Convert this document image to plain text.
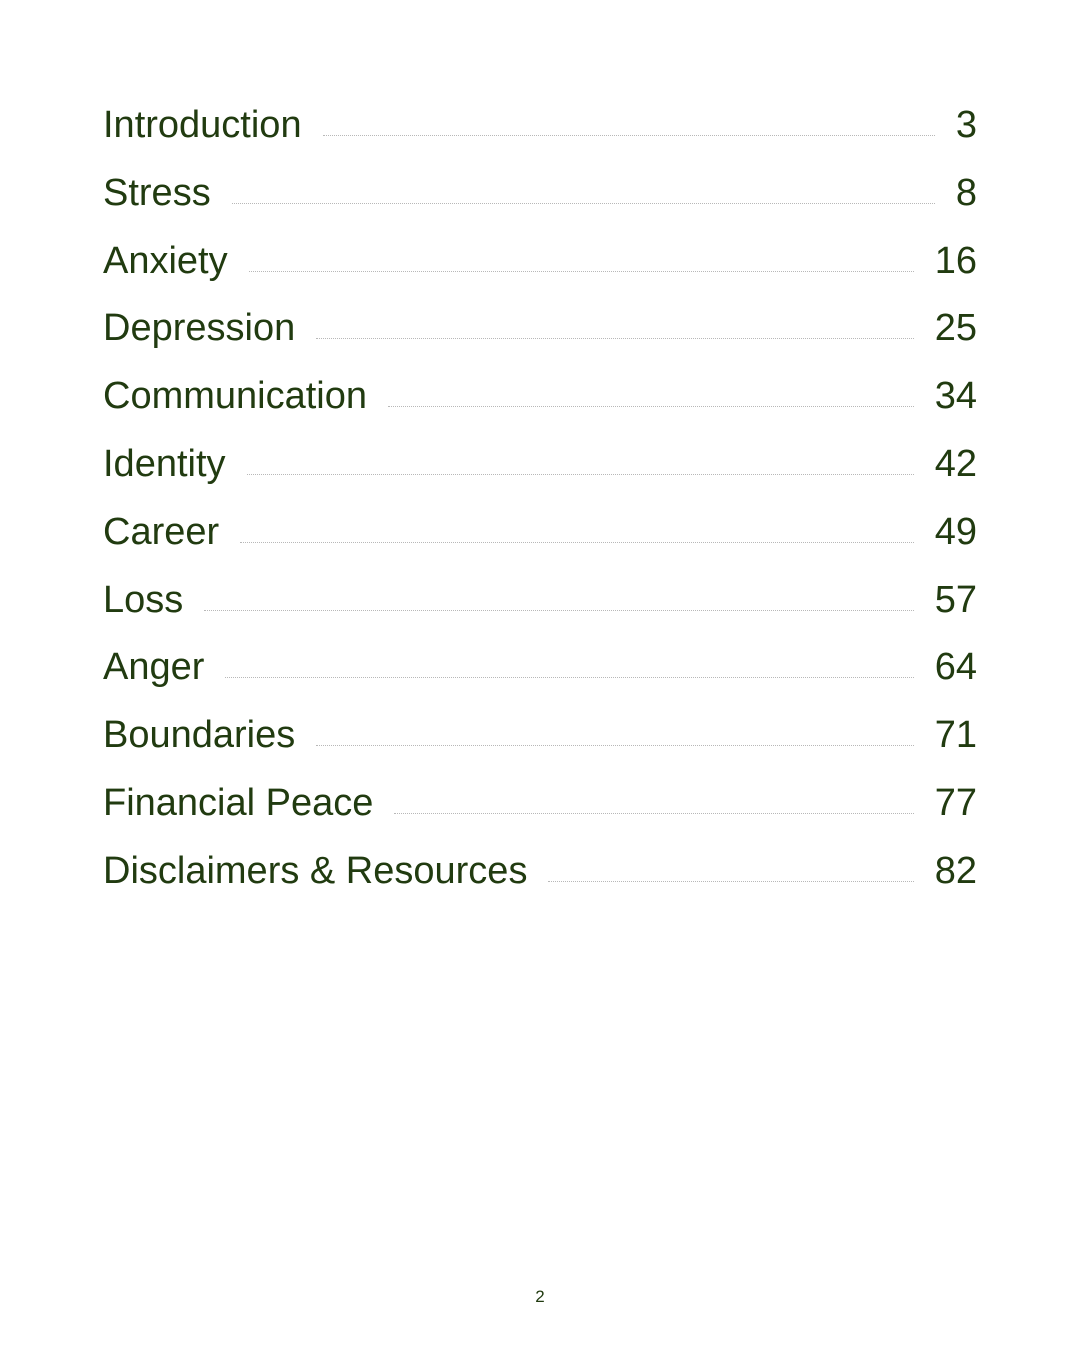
Introduction	3
Stress	8
Anxiety	16
Depression	25
Communication	34
Identity	42
Career	49
Loss	57
Anger	64
Boundaries	71
Financial Peace	77
Disclaimers & Resources	82
2
